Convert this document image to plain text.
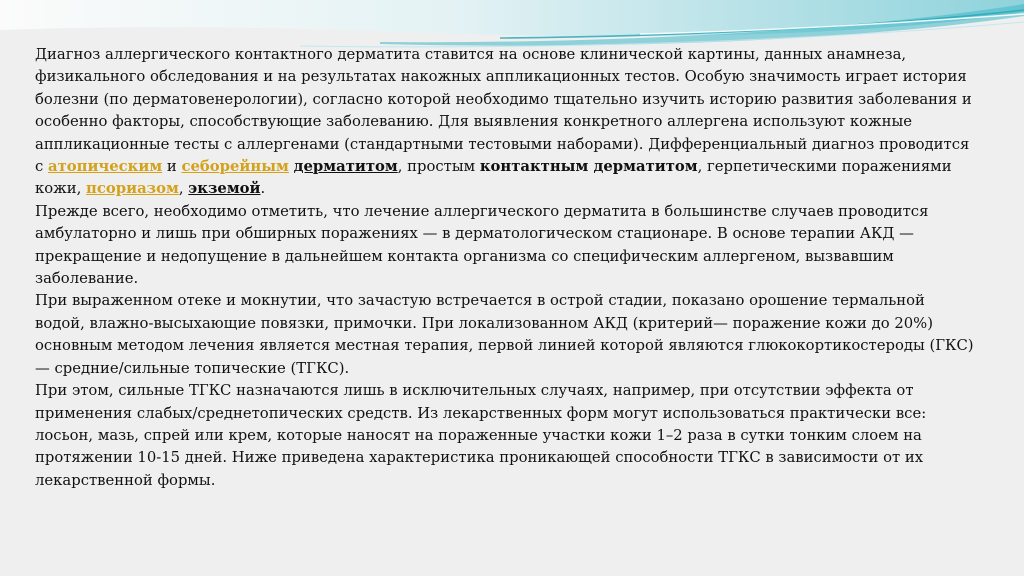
Диагноз аллергического контактного дерматита ставится на основе клинической картины, данных анамнеза, физикального обследования и на результатах накожных аппликационных тестов. Особую значимость играет история болезни (по дерматовенерологии), согласно которой необходимо тщательно изучить историю развития заболевания и особенно факторы, способствующие заболеванию. Для выявления конкретного аллергена используют кожные аппликационные тесты с аллергенами (стандартными тестовыми наборами). Дифференциальный диагноз проводится с атопическим и себорейным дерматитом, простым контактным дерматитом, герпетическими поражениями кожи, псориазом, экземой.

Прежде всего, необходимо отметить, что лечение аллергического дерматита в большинстве случаев проводится амбулаторно и лишь при обширных поражениях — в дерматологическом стационаре. В основе терапии АКД — прекращение и недопущение в дальнейшем контакта организма со специфическим аллергеном, вызвавшим заболевание.

При выраженном отеке и мокнутии, что зачастую встречается в острой стадии, показано орошение термальной водой, влажно-высыхающие повязки, примочки. При локализованном АКД (критерий— поражение кожи до 20%) основным методом лечения является местная терапия, первой линией которой являются глюкокортикостероды (ГКС) — средние/сильные топические (ТГКС).

При этом, сильные ТГКС назначаются лишь в исключительных случаях, например, при отсутствии эффекта от применения слабых/среднетопических средств. Из лекарственных форм могут использоваться практически все: лосьон, мазь, спрей или крем, которые наносят на пораженные участки кожи 1–2 раза в сутки тонким слоем на протяжении 10-15 дней. Ниже приведена характеристика проникающей способности ТГКС в зависимости от их лекарственной формы.
